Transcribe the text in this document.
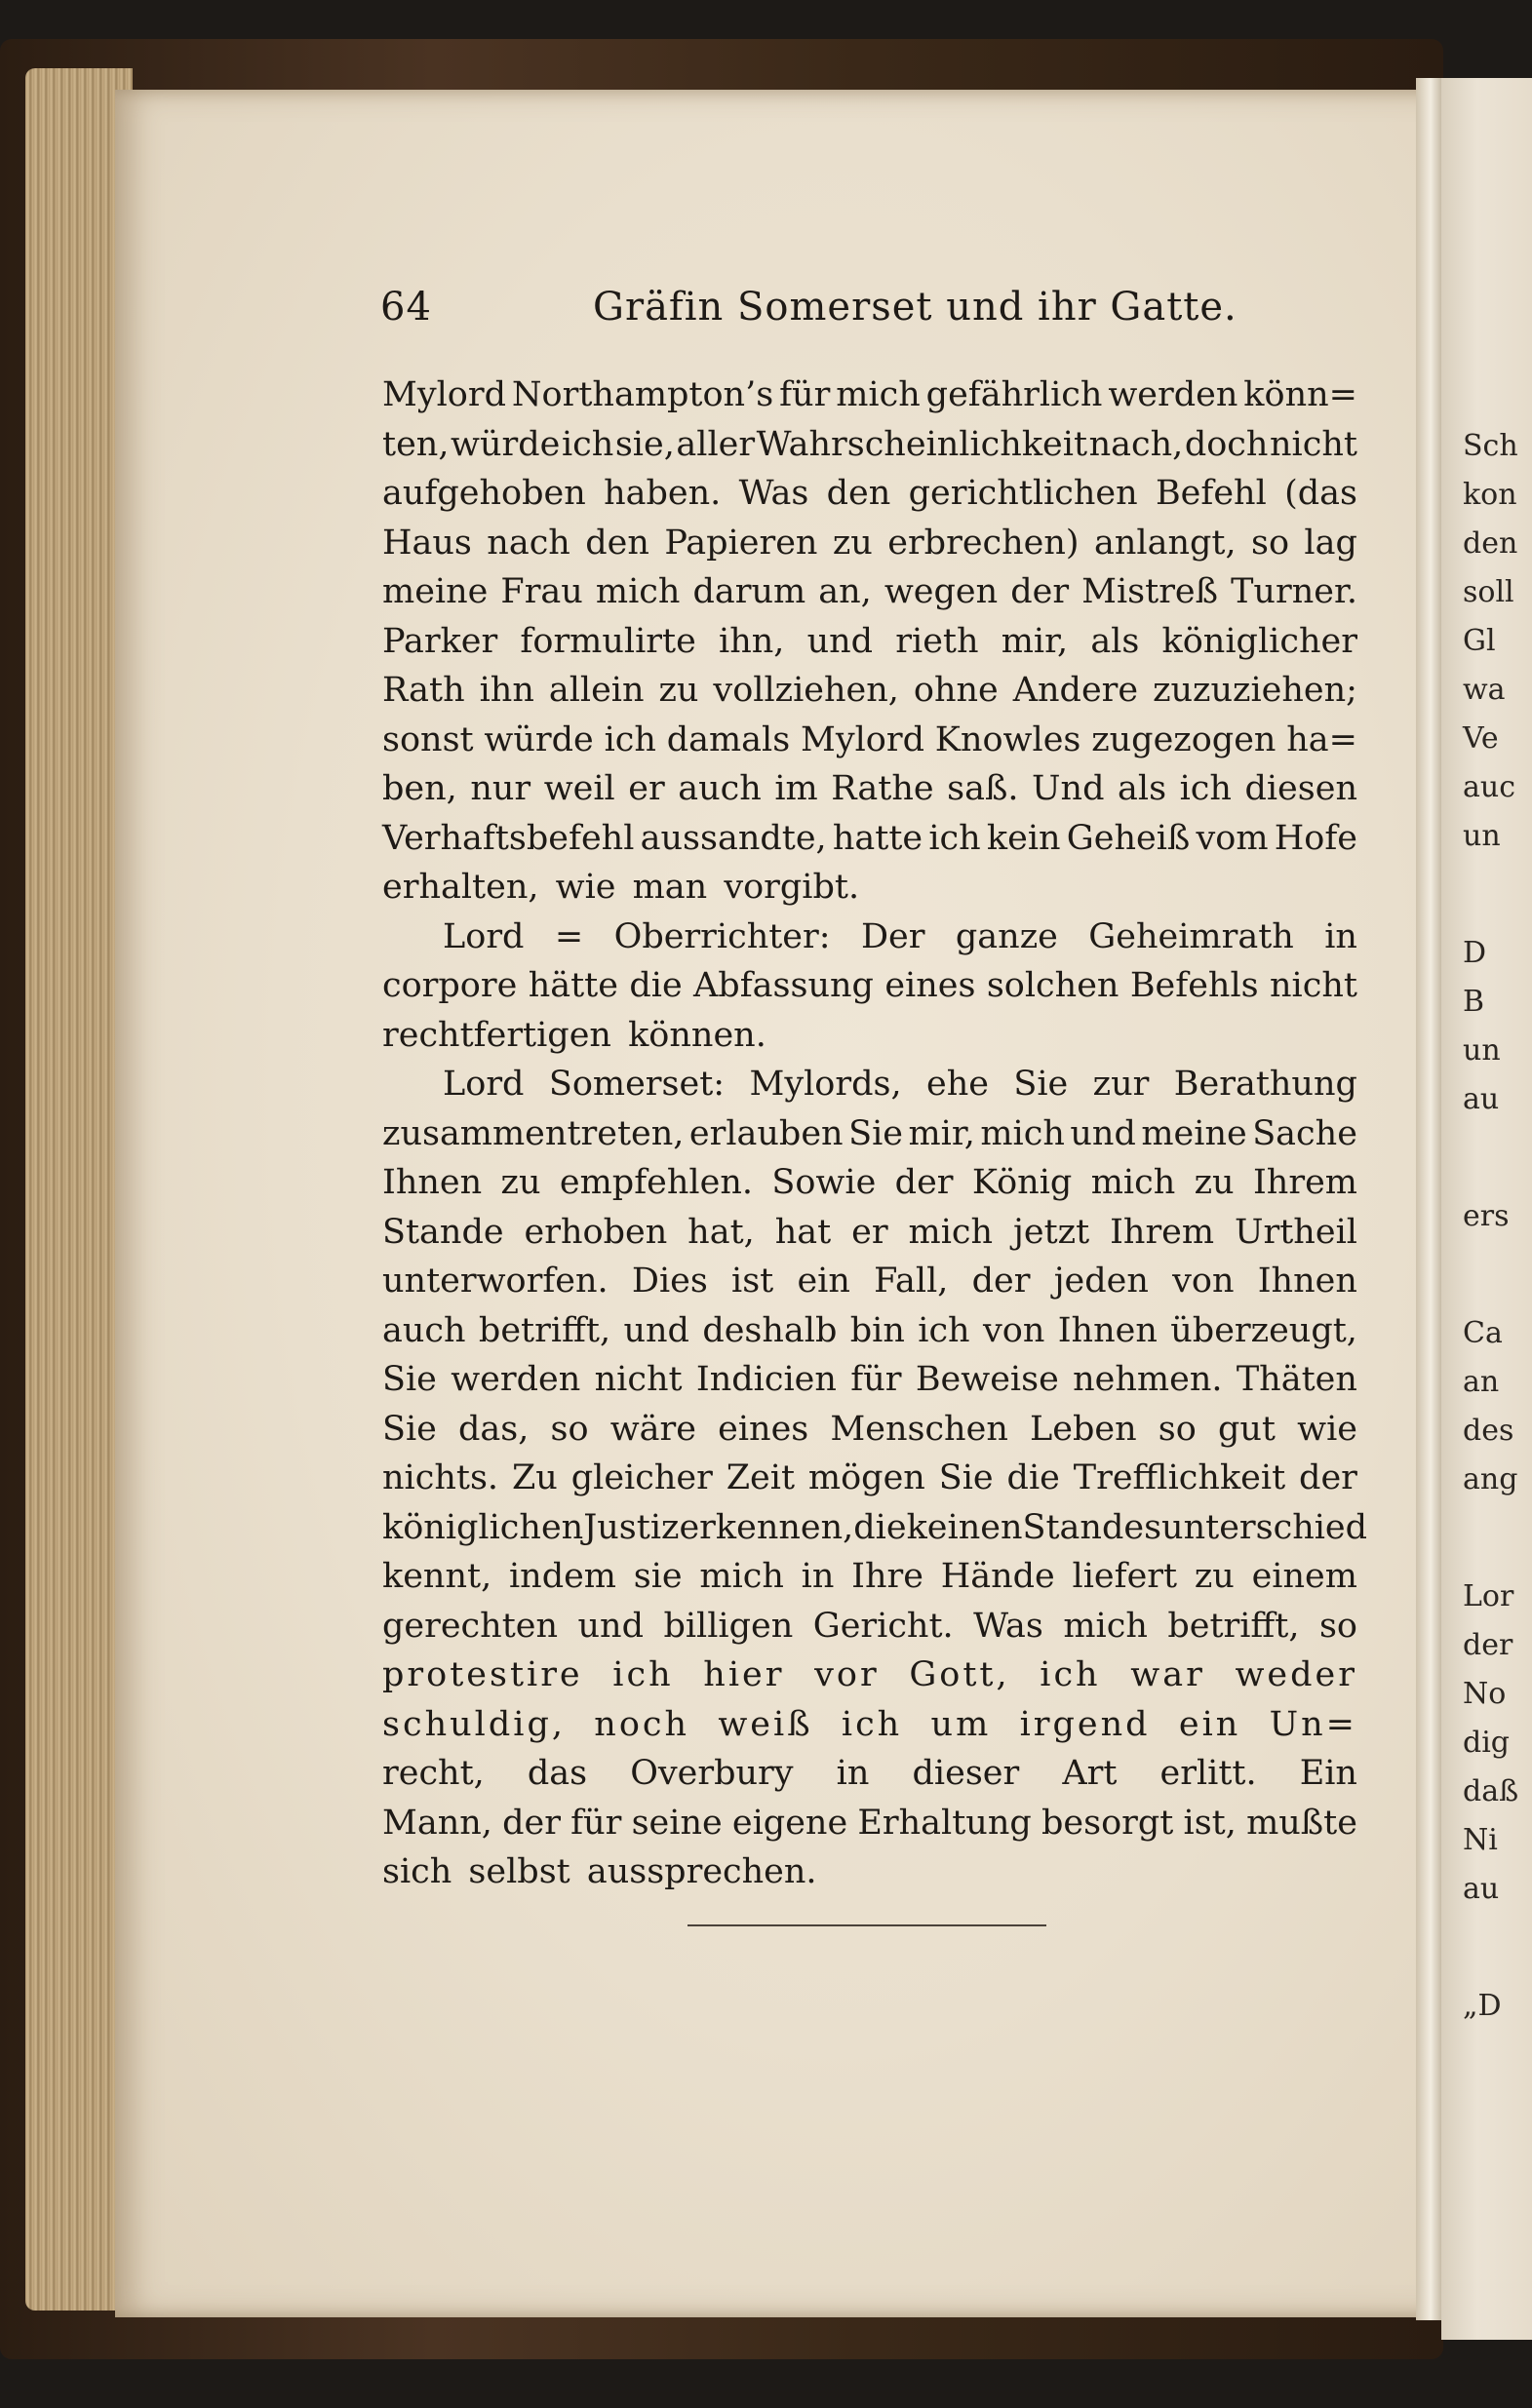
Sch
kon
den
soll
Gl
wa
Ve
auc
un
D
B
un
au
ers
Ca
an
des
ang
Lor
der
No
dig
daß
Ni
au
„D
64	Gräfin Somerset und ihr Gatte.
Mylord Northampton’s für mich gefährlich werden könn=
ten, würde ich sie, aller Wahrscheinlichkeit nach, doch nicht
aufgehoben haben. Was den gerichtlichen Befehl (das
Haus nach den Papieren zu erbrechen) anlangt, so lag
meine Frau mich darum an, wegen der Mistreß Turner.
Parker formulirte ihn, und rieth mir, als königlicher
Rath ihn allein zu vollziehen, ohne Andere zuzuziehen;
sonst würde ich damals Mylord Knowles zugezogen ha=
ben, nur weil er auch im Rathe saß. Und als ich diesen
Verhaftsbefehl aussandte, hatte ich kein Geheiß vom Hofe
erhalten, wie man vorgibt.
Lord = Oberrichter: Der ganze Geheimrath in
corpore hätte die Abfassung eines solchen Befehls nicht
rechtfertigen können.
Lord Somerset: Mylords, ehe Sie zur Berathung
zusammentreten, erlauben Sie mir, mich und meine Sache
Ihnen zu empfehlen. Sowie der König mich zu Ihrem
Stande erhoben hat, hat er mich jetzt Ihrem Urtheil
unterworfen. Dies ist ein Fall, der jeden von Ihnen
auch betrifft, und deshalb bin ich von Ihnen überzeugt,
Sie werden nicht Indicien für Beweise nehmen. Thäten
Sie das, so wäre eines Menschen Leben so gut wie
nichts. Zu gleicher Zeit mögen Sie die Trefflichkeit der
königlichen Justiz erkennen, die keinen Standesunterschied
kennt, indem sie mich in Ihre Hände liefert zu einem
gerechten und billigen Gericht. Was mich betrifft, so
protestire ich hier vor Gott, ich war weder
schuldig, noch weiß ich um irgend ein Un=
recht, das Overbury in dieser Art erlitt. Ein
Mann, der für seine eigene Erhaltung besorgt ist, mußte
sich selbst aussprechen.
